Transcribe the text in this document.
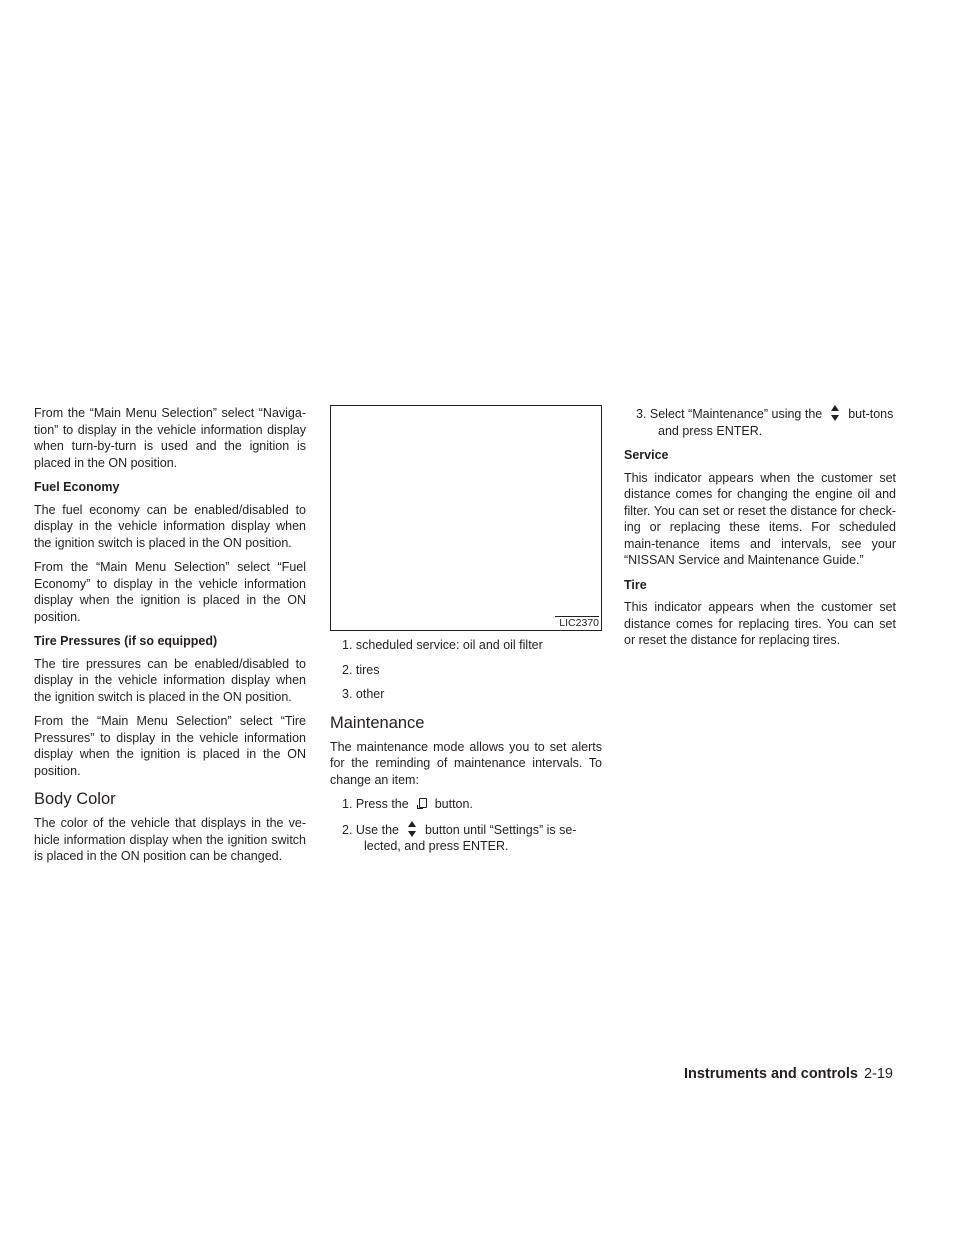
From the “Main Menu Selection” select “Naviga-tion” to display in the vehicle information display when turn-by-turn is used and the ignition is placed in the ON position.

Fuel Economy

The fuel economy can be enabled/disabled to display in the vehicle information display when the ignition switch is placed in the ON position.

From the “Main Menu Selection” select “Fuel Economy” to display in the vehicle information display when the ignition is placed in the ON position.

Tire Pressures (if so equipped)

The tire pressures can be enabled/disabled to display in the vehicle information display when the ignition switch is placed in the ON position.

From the “Main Menu Selection” select “Tire Pressures” to display in the vehicle information display when the ignition is placed in the ON position.

Body Color

The color of the vehicle that displays in the ve-hicle information display when the ignition switch is placed in the ON position can be changed.

LIC2370
1. scheduled service: oil and oil filter
2. tires
3. other
Maintenance

The maintenance mode allows you to set alerts for the reminding of maintenance intervals. To change an item:

1. Press the button.
2. Use the button until “Settings” is se-lected, and press ENTER.
3. Select “Maintenance” using the but-tons and press ENTER.
Service

This indicator appears when the customer set distance comes for changing the engine oil and filter. You can set or reset the distance for check-ing or replacing these items. For scheduled main-tenance items and intervals, see your “NISSAN Service and Maintenance Guide.”

Tire

This indicator appears when the customer set distance comes for replacing tires. You can set or reset the distance for replacing tires.

Instruments and controls 2-19
